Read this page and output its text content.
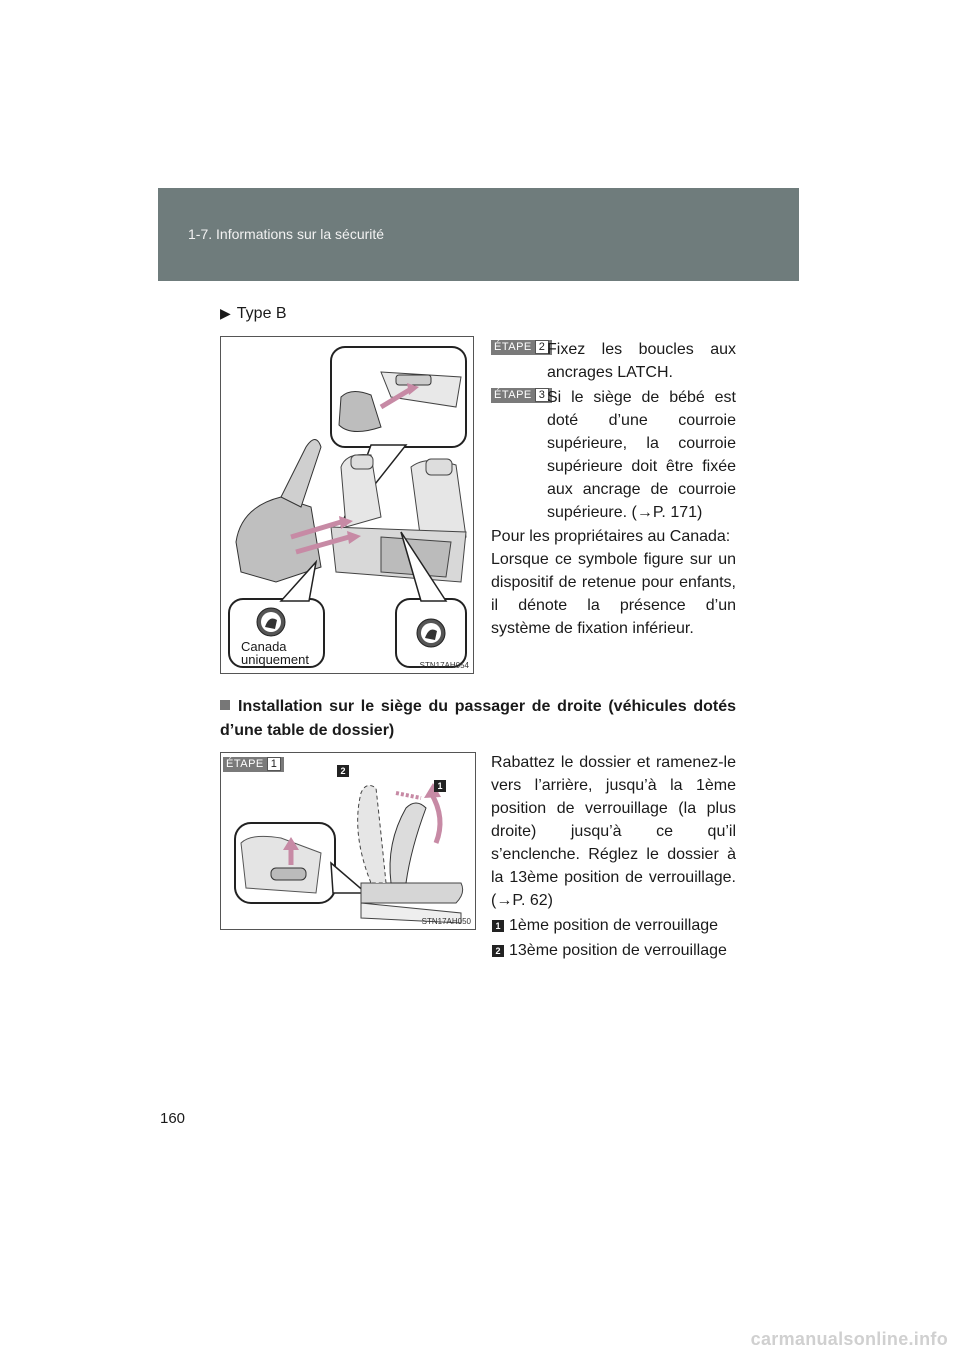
1-7. Informations sur la sécurité
▶ Type B
Canada
uniquement	STN17AH054
ÉTAPE 2 Fixez les boucles aux ancrages LATCH.
ÉTAPE 3 Si le siège de bébé est doté d’une courroie supérieure, la courroie supérieure doit être fixée aux ancrage de courroie supérieure. (→P. 171)
Pour les propriétaires au Canada:
Lorsque ce symbole figure sur un dispositif de retenue pour enfants, il dénote la présence d’un système de fixation inférieur.
Installation sur le siège du passager de droite (véhicules dotés d’une table de dossier)
ÉTAPE 1
2
1
STN17AH050
Rabattez le dossier et ramenez-le vers l’arrière, jusqu’à la 1ème position de verrouillage (la plus droite) jusqu’à ce qu’il s’enclenche. Réglez le dossier à la 13ème position de verrouillage. (→P. 62)
1 1ème position de verrouillage
2 13ème position de verrouillage
160
carmanualsonline.info
